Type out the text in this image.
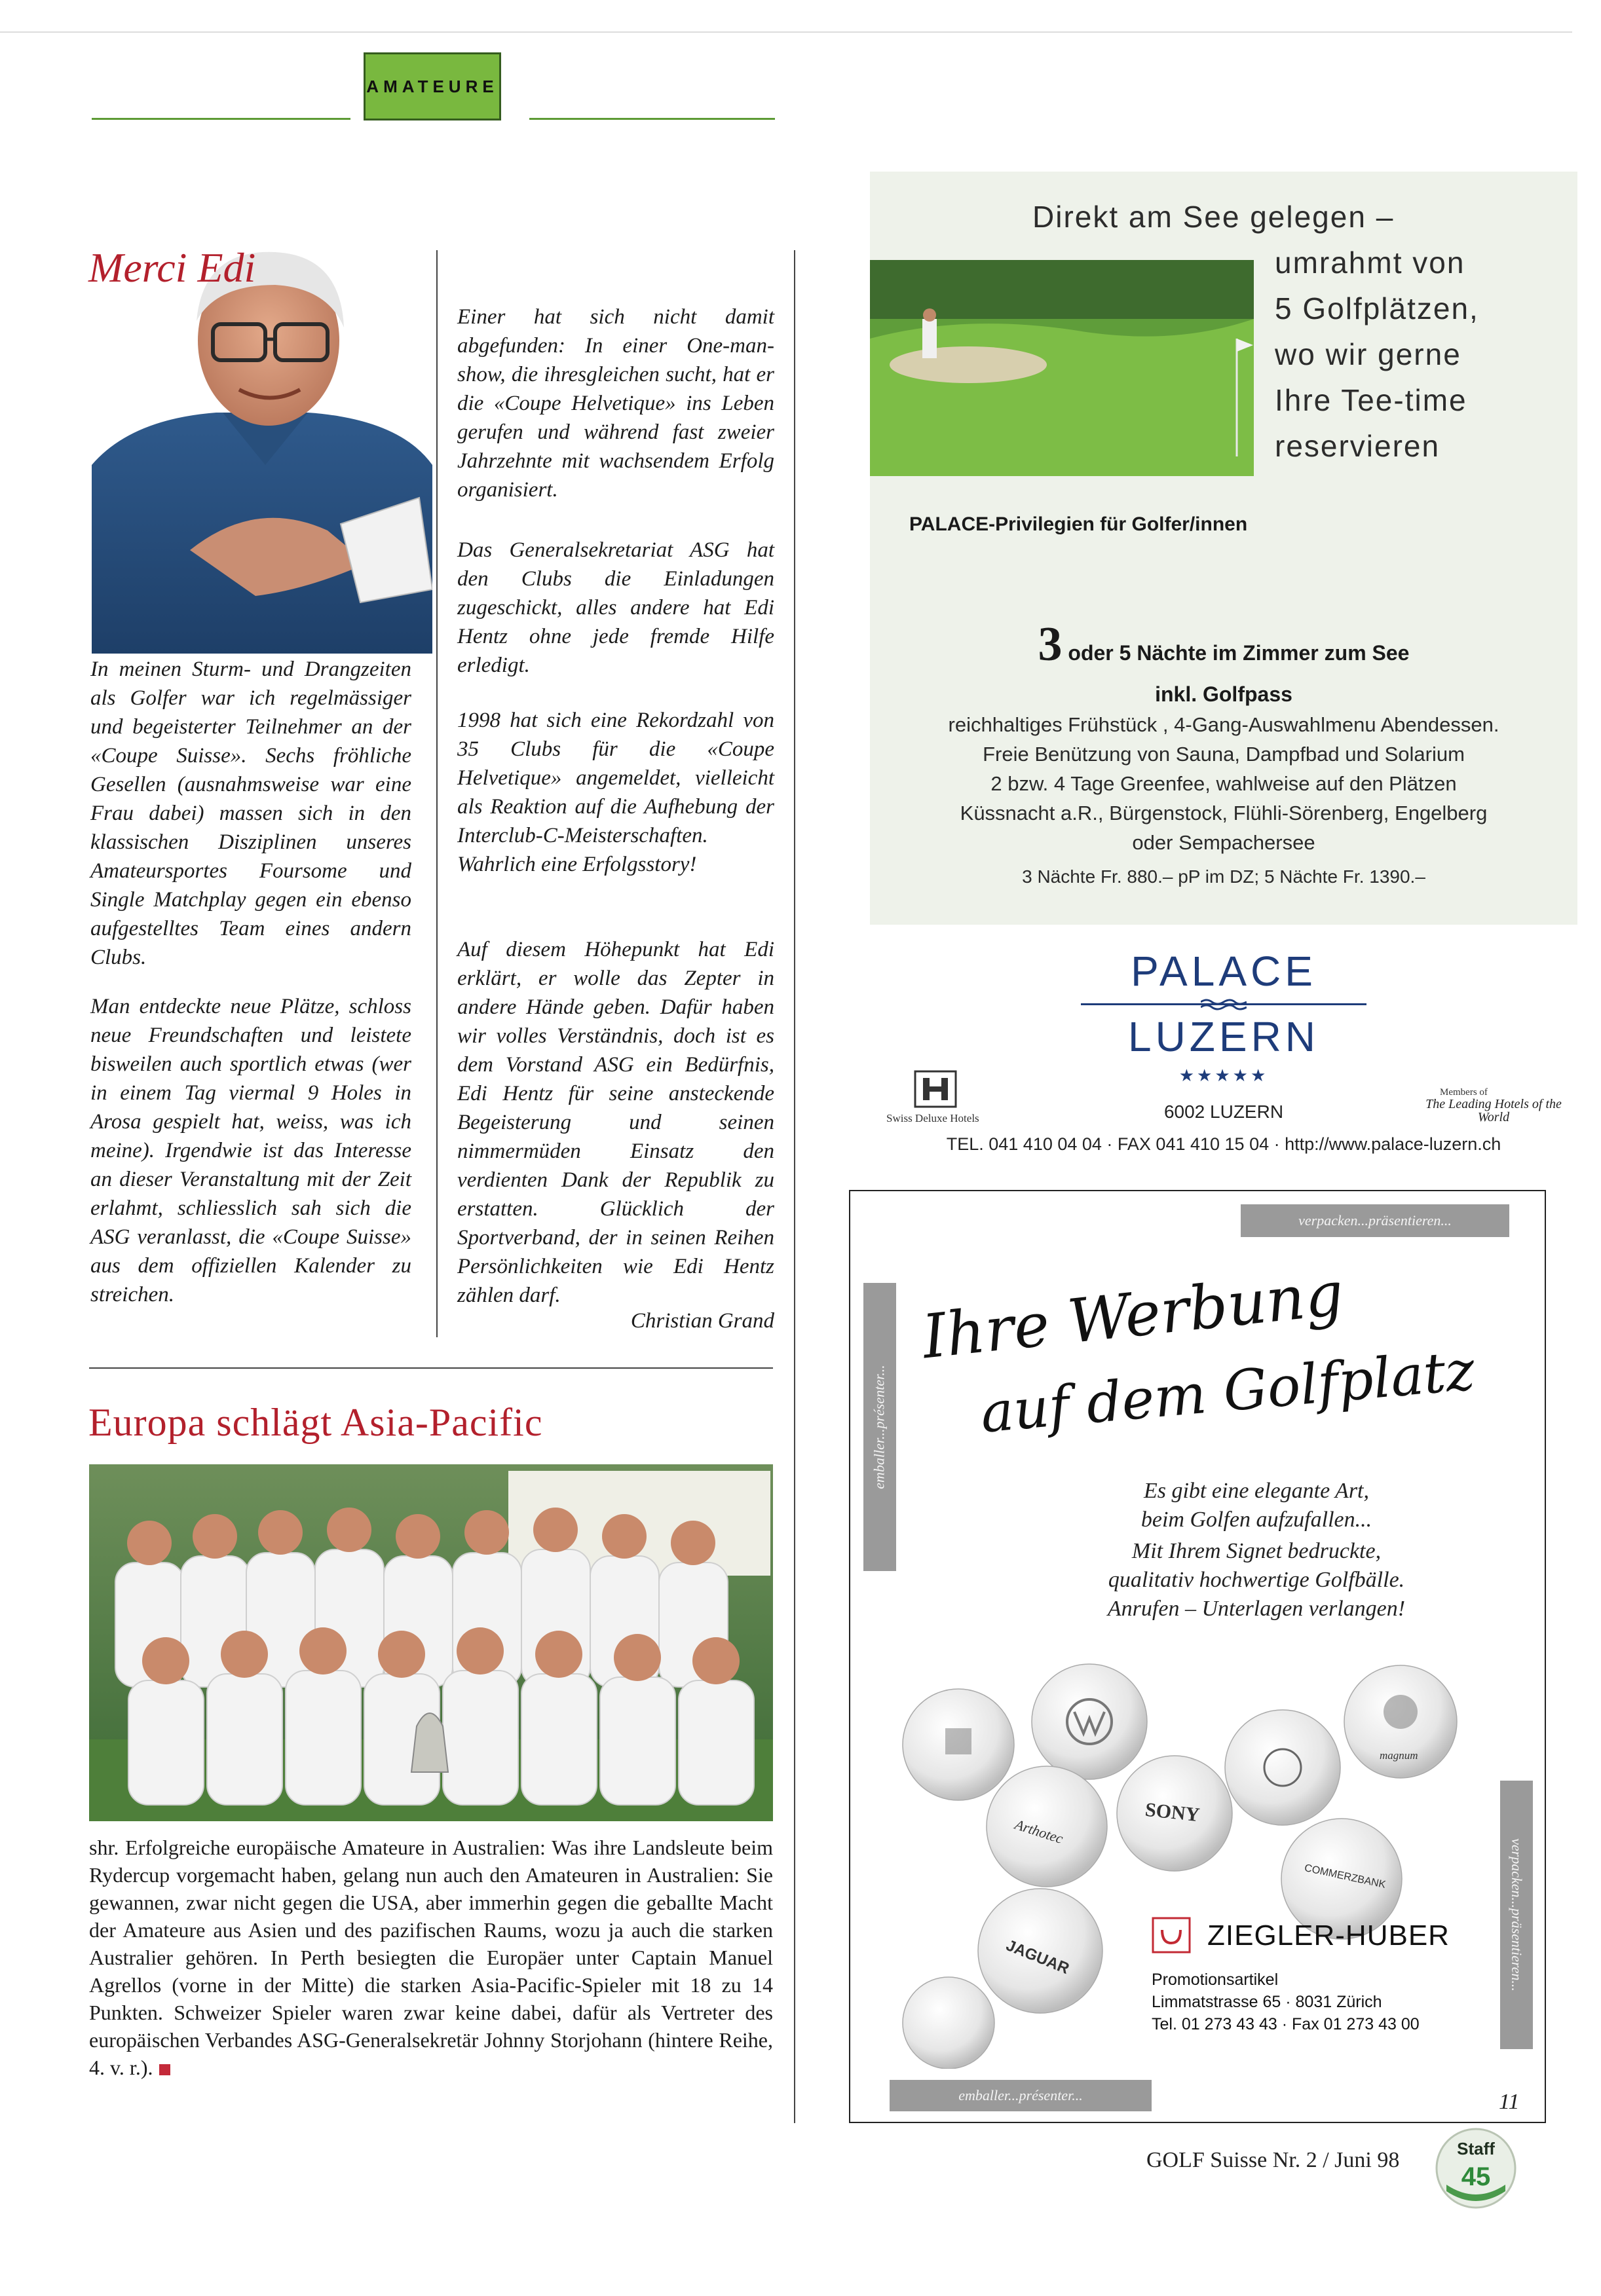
AMATEURE
Merci Edi
In meinen Sturm- und Drangzeiten als Golfer war ich regelmässiger und begeisterter Teilnehmer an der «Coupe Suisse». Sechs fröhliche Gesellen (ausnahmsweise war eine Frau dabei) massen sich in den klassischen Disziplinen unseres Amateursportes Foursome und Single Matchplay gegen ein ebenso aufgestelltes Team eines andern Clubs.
Man entdeckte neue Plätze, schloss neue Freundschaften und leistete bisweilen auch sportlich etwas (wer in einem Tag viermal 9 Holes in Arosa gespielt hat, weiss, was ich meine). Irgendwie ist das Interesse an dieser Veranstaltung mit der Zeit erlahmt, schliesslich sah sich die ASG veranlasst, die «Coupe Suisse» aus dem offiziellen Kalender zu streichen.
Einer hat sich nicht damit abgefunden: In einer One-man-show, die ihresgleichen sucht, hat er die «Coupe Helvetique» ins Leben gerufen und während fast zweier Jahrzehnte mit wachsendem Erfolg organisiert.
Das Generalsekretariat ASG hat den Clubs die Einladungen zugeschickt, alles andere hat Edi Hentz ohne jede fremde Hilfe erledigt.
1998 hat sich eine Rekordzahl von 35 Clubs für die «Coupe Helvetique» angemeldet, vielleicht als Reaktion auf die Aufhebung der Interclub-C-Meisterschaften. Wahrlich eine Erfolgsstory!
Auf diesem Höhepunkt hat Edi erklärt, er wolle das Zepter in andere Hände geben. Dafür haben wir volles Verständnis, doch ist es dem Vorstand ASG ein Bedürfnis, Edi Hentz für seine ansteckende Begeisterung und seinen nimmermüden Einsatz den verdienten Dank der Republik zu erstatten. Glücklich der Sportverband, der in seinen Reihen Persönlichkeiten wie Edi Hentz zählen darf.
Christian Grand
Europa schlägt Asia-Pacific
shr. Erfolgreiche europäische Amateure in Australien: Was ihre Landsleute beim Rydercup vorgemacht haben, gelang nun auch den Amateuren in Australien: Sie gewannen, zwar nicht gegen die USA, aber immerhin gegen die geballte Macht der Amateure aus Asien und des pazifischen Raums, wozu ja auch die starken Australier gehören. In Perth besiegten die Europäer unter Captain Manuel Agrellos (vorne in der Mitte) die starken Asia-Pacific-Spieler mit 18 zu 14 Punkten. Schweizer Spieler waren zwar keine dabei, dafür als Vertreter des europäischen Verbandes ASG-Generalsekretär Johnny Storjohann (hintere Reihe, 4. v. r.).
Direkt am See gelegen –
umrahmt von
5 Golfplätzen,
wo wir gerne
Ihre Tee-time
reservieren
PALACE-Privilegien für Golfer/innen
3 oder 5 Nächte im Zimmer zum See
inkl. Golfpass
reichhaltiges Frühstück , 4-Gang-Auswahlmenu Abendessen.
Freie Benützung von Sauna, Dampfbad und Solarium
2 bzw. 4 Tage Greenfee, wahlweise auf den Plätzen
Küssnacht a.R., Bürgenstock, Flühli-Sörenberg, Engelberg
oder Sempachersee
3 Nächte Fr. 880.– pP im DZ; 5 Nächte Fr. 1390.–
PALACE
LUZERN
★★★★★
Swiss Deluxe Hotels	6002 LUZERN
Members of
The Leading Hotels of the World
TEL. 041 410 04 04 · FAX 041 410 15 04 · http://www.palace-luzern.ch
verpacken...präsentieren...
emballer...présenter...
verpacken...präsentieren...
emballer...présenter...
Ihre Werbung
auf dem Golfplatz
Es gibt eine elegante Art,
beim Golfen aufzufallen...
Mit Ihrem Signet bedruckte,
qualitativ hochwertige Golfbälle.
Anrufen – Unterlagen verlangen!
SONY
COMMERZBANK
magnum
Arthotec
JAGUAR
ZIEGLER-HUBER
Promotionsartikel
Limmatstrasse 65 · 8031 Zürich
Tel. 01 273 43 43 · Fax 01 273 43 00
11
GOLF Suisse Nr. 2 / Juni 98	Staff
45
